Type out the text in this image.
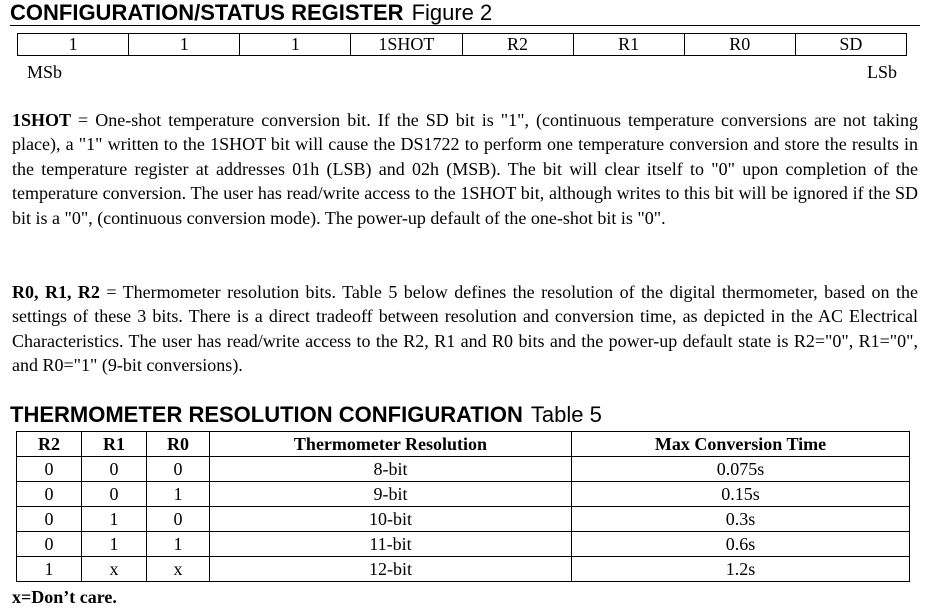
CONFIGURATION/STATUS REGISTER Figure 2
1	1	1	1SHOT	R2	R1	R0	SD
MSb	LSb

1SHOT = One-shot temperature conversion bit. If the SD bit is "1", (continuous temperature conversions are not taking place), a "1" written to the 1SHOT bit will cause the DS1722 to perform one temperature conversion and store the results in the temperature register at addresses 01h (LSB) and 02h (MSB). The bit will clear itself to "0" upon completion of the temperature conversion. The user has read/write access to the 1SHOT bit, although writes to this bit will be ignored if the SD bit is a "0", (continuous conversion mode). The power-up default of the one-shot bit is "0".

R0, R1, R2 = Thermometer resolution bits. Table 5 below defines the resolution of the digital thermometer, based on the settings of these 3 bits. There is a direct tradeoff between resolution and conversion time, as depicted in the AC Electrical Characteristics. The user has read/write access to the R2, R1 and R0 bits and the power-up default state is R2="0", R1="0", and R0="1" (9-bit conversions).

THERMOMETER RESOLUTION CONFIGURATION Table 5
R2	R1	R0	Thermometer Resolution	Max Conversion Time
0	0	0	8-bit	0.075s
0	0	1	9-bit	0.15s
0	1	0	10-bit	0.3s
0	1	1	11-bit	0.6s
1	x	x	12-bit	1.2s
x=Don’t care.
